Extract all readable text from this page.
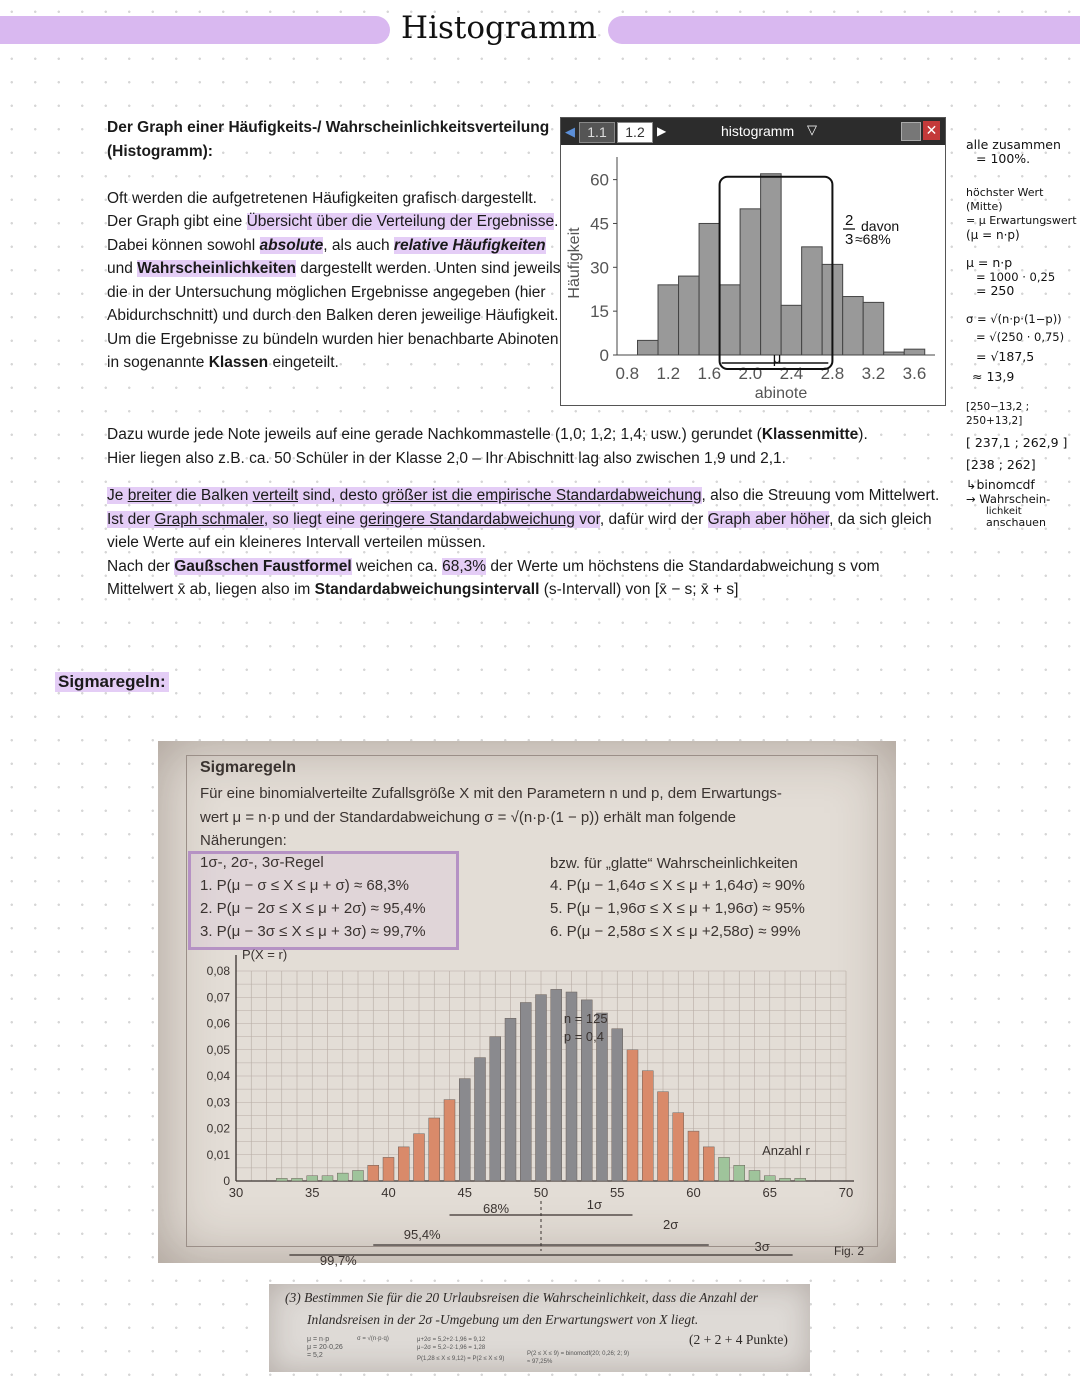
Histogramm

Der Graph einer Häufigkeits-/ Wahrscheinlichkeitsverteilung (Histogramm):

Oft werden die aufgetretenen Häufigkeiten grafisch dargestellt. Der Graph gibt eine Übersicht über die Verteilung der Ergebnisse. Dabei können sowohl absolute, als auch relative Häufigkeiten und Wahrscheinlichkeiten dargestellt werden. Unten sind jeweils die in der Untersuchung möglichen Ergebnisse angegeben (hier Abidurchschnitt) und durch den Balken deren jeweilige Häufigkeit.

Um die Ergebnisse zu bündeln wurden hier benachbarte Abinoten in sogenannte Klassen eingeteilt.

Dazu wurde jede Note jeweils auf eine gerade Nachkommastelle (1,0; 1,2; 1,4; usw.) gerundet (Klassenmitte).

Hier liegen also z.B. ca. 50 Schüler in der Klasse 2,0 – Ihr Abischnitt lag also zwischen 1,9 und 2,1.

Je breiter die Balken verteilt sind, desto größer ist die empirische Standardabweichung, also die Streuung vom Mittelwert.

Ist der Graph schmaler, so liegt eine geringere Standardabweichung vor, dafür wird der Graph aber höher, da sich gleich viele Werte auf ein kleineres Intervall verteilen müssen.

Nach der Gaußschen Faustformel weichen ca. 68,3% der Werte um höchstens die Standardabweichung s vom Mittelwert x̄ ab, liegen also im Standardabweichungsintervall (s-Intervall) von [x̄ − s; x̄ + s]

Sigmaregeln:
◀ 1.1	1.2	▶	histogramm ▽	✕
60
45
30
15
0
0.8 1.2 1.6 2.0 2.4 2.8 3.2 3.6
abinote
Häufigkeit
μ
2
3
davon
≈68%
alle zusammen
= 100%.
höchster Wert (Mitte)
= μ Erwartungswert
(μ = n·p)
μ = n·p
= 1000 · 0,25
= 250
σ = √(n·p·(1−p))
= √(250 · 0,75)
= √187,5
≈ 13,9
[250−13,2 ; 250+13,2]
[ 237,1 ; 262,9 ]
[238 ; 262]
↳binomcdf
→ Wahrschein-
lichkeit
anschauen
Sigmaregeln
Für eine binomialverteilte Zufallsgröße X mit den Parametern n und p, dem Erwartungs-
wert μ = n·p und der Standardabweichung σ = √(n·p·(1 − p)) erhält man folgende
Näherungen:
1σ-, 2σ-, 3σ-Regel
1. P(μ − σ ≤ X ≤ μ + σ) ≈ 68,3%
2. P(μ − 2σ ≤ X ≤ μ + 2σ) ≈ 95,4%
3. P(μ − 3σ ≤ X ≤ μ + 3σ) ≈ 99,7%
bzw. für „glatte“ Wahrscheinlichkeiten
4. P(μ − 1,64σ ≤ X ≤ μ + 1,64σ) ≈ 90%
5. P(μ − 1,96σ ≤ X ≤ μ + 1,96σ) ≈ 95%
6. P(μ − 2,58σ ≤ X ≤ μ +2,58σ) ≈ 99%
P(X = r)
0,08
0,07
0,06
0,05
0,04
0,03
0,02
0,01
0
30	35	40	45	50	55	60	65	70
n = 125
p = 0,4
Anzahl r
68%	1σ
95,4%
2σ
99,7%
3σ	Fig. 2
(3) Bestimmen Sie für die 20 Urlaubsreisen die Wahrscheinlichkeit, dass die Anzahl der
Inlandsreisen in der 2σ -Umgebung um den Erwartungswert von X liegt.
(2 + 2 + 4 Punkte)
μ = n·p
μ = 20·0,26
= 5,2
σ = √(n·p·q)	μ+2σ = 5,2+2·1,96 = 9,12
μ−2σ = 5,2−2·1,96 = 1,28
P(1,28 ≤ X ≤ 9,12) = P(2 ≤ X ≤ 9)
P(2 ≤ X ≤ 9) = binomcdf(20; 0,26; 2; 9)
≈ 97,25%
